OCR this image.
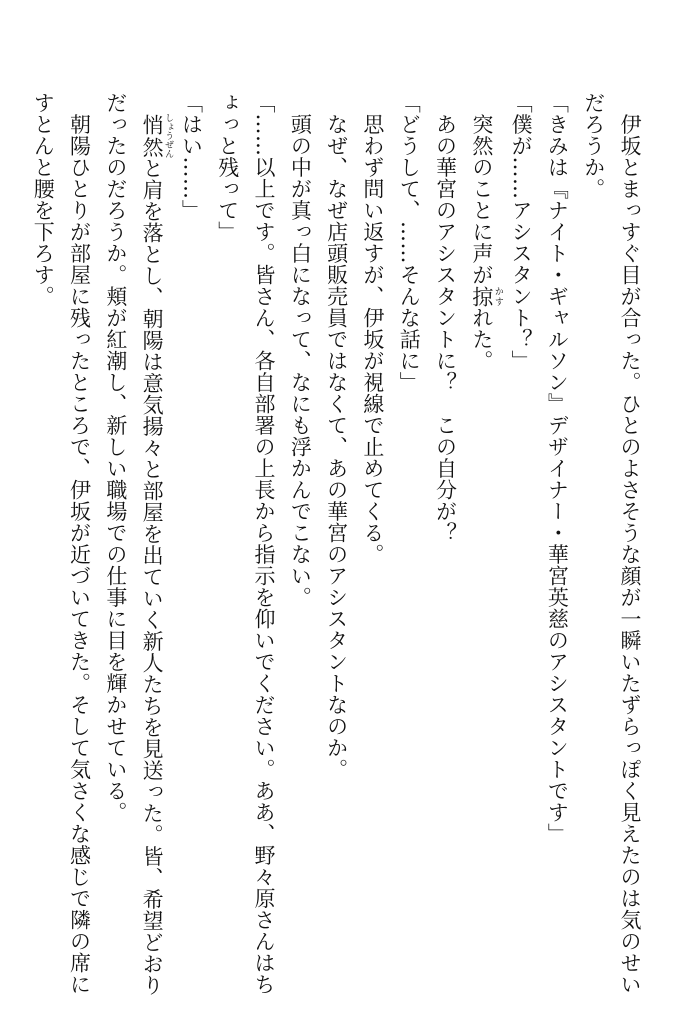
　伊坂とまっすぐ目が合った。ひとのよさそうな顔が一瞬いたずらっぽく見えたのは気のせい
だろうか。
「きみは『ナイト・ギャルソン』デザイナー・華宮英慈のアシスタントです」
「僕が……アシスタント？」
　突然のことに声が掠 かすれた。
　あの華宮のアシスタントに？　この自分が？
「どうして、……そんな話に」
　思わず問い返すが、伊坂が視線で止めてくる。
　なぜ、なぜ店頭販売員ではなくて、あの華宮のアシスタントなのか。
　頭の中が真っ白になって、なにも浮かんでこない。
「……以上です。皆さん、各自部署の上長から指示を仰いでください。ああ、野々原さんはち
ょっと残って」
「はい……」
　悄然 しょうぜんと肩を落とし、朝陽は意気揚々と部屋を出ていく新人たちを見送った。皆、希望どおり
だったのだろうか。頬が紅潮し、新しい職場での仕事に目を輝かせている。
　朝陽ひとりが部屋に残ったところで、伊坂が近づいてきた。そして気さくな感じで隣の席に
すとんと腰を下ろす。
